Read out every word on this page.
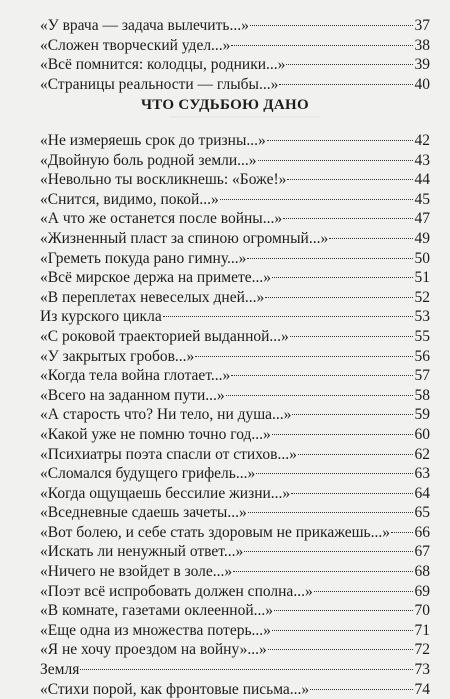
«У врача — задача вылечить...»	37
«Сложен творческий удел...»	38
«Всё помнится: колодцы, родники...»	39
«Страницы реальности — глыбы...»	40
ЧТО СУДЬБОЮ ДАНО
«Не измеряешь срок до тризны...»	42
«Двойную боль родной земли...»	43
«Невольно ты воскликнешь: «Боже!»	44
«Снится, видимо, покой...»	45
«А что же останется после войны...»	47
«Жизненный пласт за спиною огромный...»	49
«Греметь покуда рано гимну...»	50
«Всё мирское держа на примете...»	51
«В переплетах невеселых дней...»	52
Из курского цикла	53
«С роковой траекторией выданной...»	55
«У закрытых гробов...»	56
«Когда тела война глотает...»	57
«Всего на заданном пути...»	58
«А старость что? Ни тело, ни душа...»	59
«Какой уже не помню точно год...»	60
«Психиатры поэта спасли от стихов...»	62
«Сломался будущего грифель...»	63
«Когда ощущаешь бессилие жизни...»	64
«Вседневные сдаешь зачеты...»	65
«Вот болею, и себе стать здоровым не прикажешь...» 66
«Искать ли ненужный ответ...»	67
«Ничего не взойдет в золе...»	68
«Поэт всё испробовать должен сполна...»	69
«В комнате, газетами оклеенной...»	70
«Еще одна из множества потерь...»	71
«Я не хочу проездом на войну»...»	72
Земля	73
«Стихи порой, как фронтовые письма...»	74
